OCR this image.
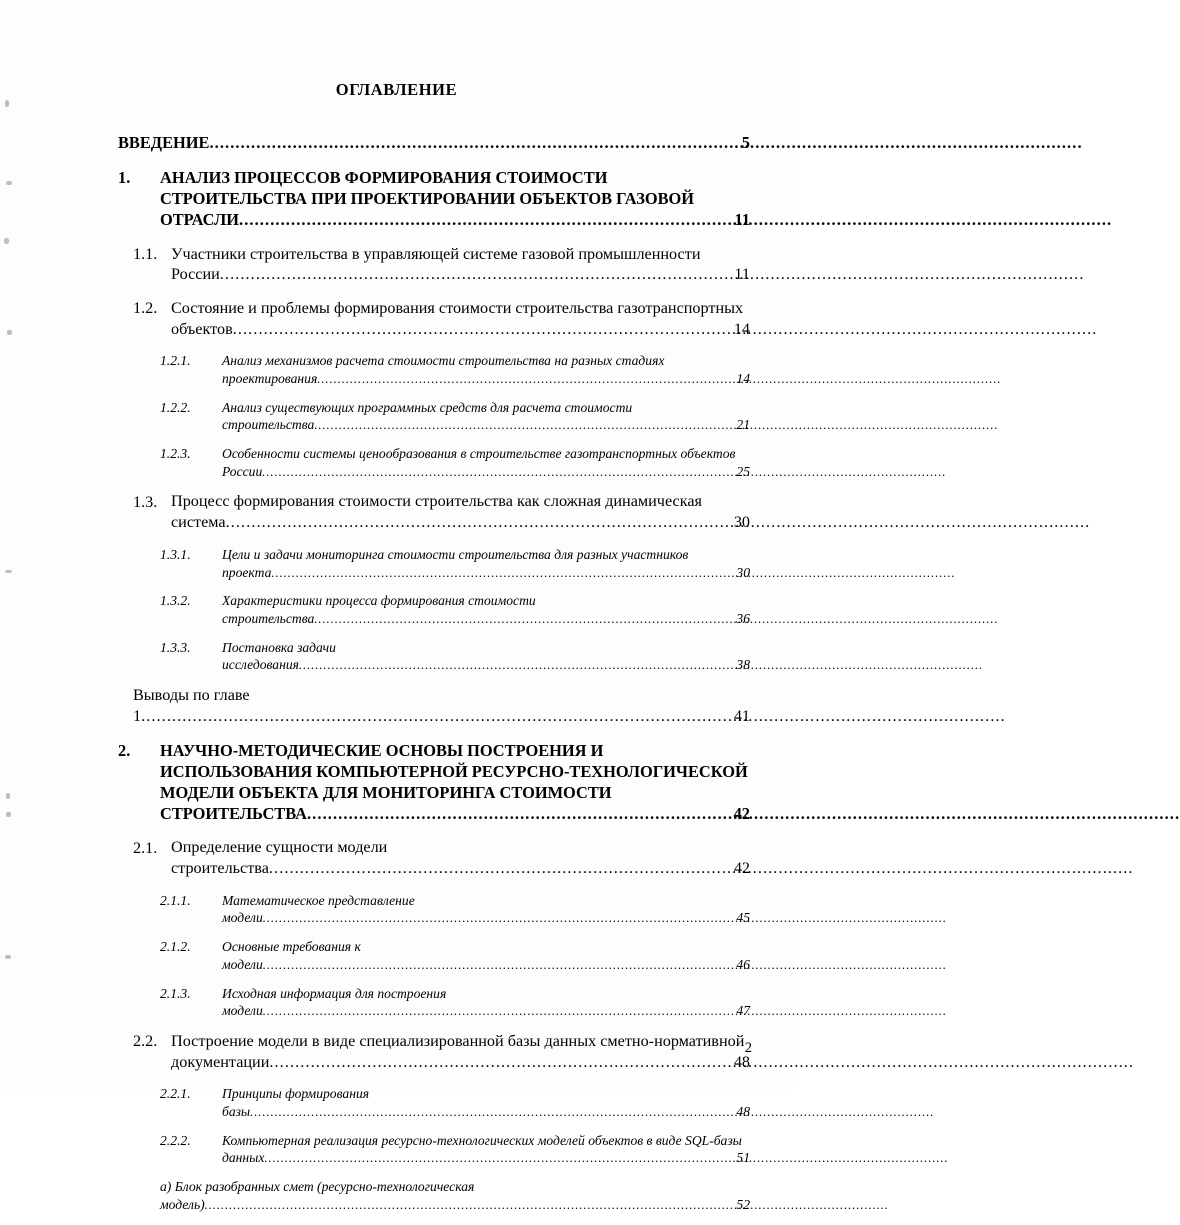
ОГЛАВЛЕНИЕ
ВВЕДЕНИЕ .....	5
1. АНАЛИЗ ПРОЦЕССОВ ФОРМИРОВАНИЯ СТОИМОСТИ СТРОИТЕЛЬСТВА ПРИ ПРОЕКТИРОВАНИИ ОБЪЕКТОВ ГАЗОВОЙ
ОТРАСЛИ .....	11
1.1. Участники строительства в управляющей системе газовой промышленности
России .....	11
1.2. Состояние и проблемы формирования стоимости строительства газотранспортных
объектов .....	14
1.2.1. Анализ механизмов расчета стоимости строительства на разных стадиях
проектирования .....	14
1.2.2. Анализ существующих программных средств для расчета стоимости
строительства .....	21
1.2.3. Особенности системы ценообразования в строительстве газотранспортных объектов
России .....	25
1.3. Процесс формирования стоимости строительства как сложная динамическая
система .....	30
1.3.1. Цели и задачи мониторинга стоимости строительства для разных участников
проекта .....	30
1.3.2. Характеристики процесса формирования стоимости
строительства .....	36
1.3.3. Постановка задачи
исследования .....	38
Выводы по главе
1 .....	41
2. НАУЧНО-МЕТОДИЧЕСКИЕ ОСНОВЫ ПОСТРОЕНИЯ И ИСПОЛЬЗОВАНИЯ КОМПЬЮТЕРНОЙ РЕСУРСНО-ТЕХНОЛОГИЧЕСКОЙ МОДЕЛИ ОБЪЕКТА ДЛЯ МОНИТОРИНГА СТОИМОСТИ
СТРОИТЕЛЬСТВА .....	42
2.1. Определение сущности модели
строительства .....	42
2.1.1. Математическое представление
модели .....	45
2.1.2. Основные требования к
модели .....	46
2.1.3. Исходная информация для построения
модели .....	47
2.2. Построение модели в виде специализированной базы данных сметно-нормативной
документации .....	48
2.2.1. Принципы формирования
базы .....	48
2.2.2. Компьютерная реализация ресурсно-технологических моделей объектов в виде SQL-базы
данных .....	51
а) Блок разобранных смет (ресурсно-технологическая
модель) .....	52
2
